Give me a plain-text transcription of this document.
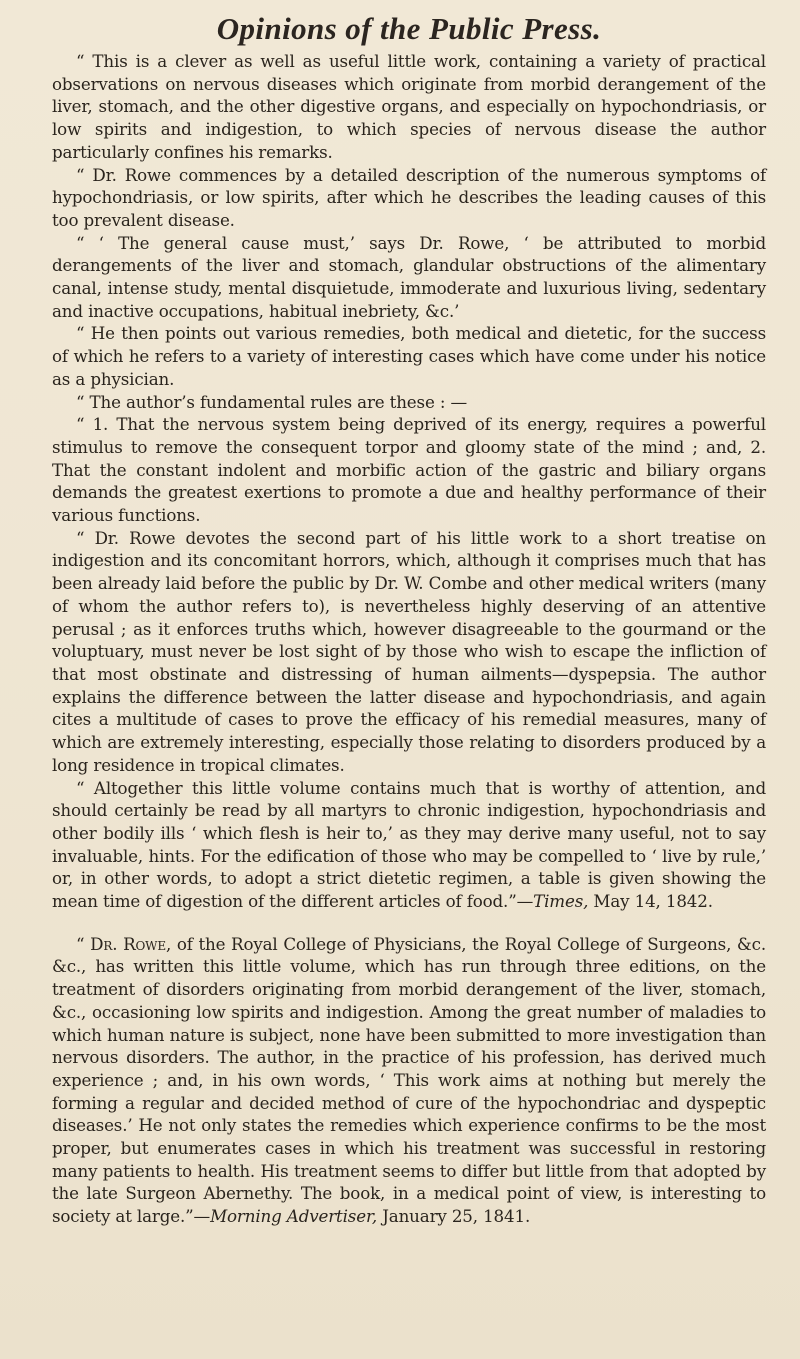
Opinions of the Public Press.

“ This is a clever as well as useful little work, containing a variety of practical observations on nervous diseases which originate from morbid derangement of the liver, stomach, and the other digestive organs, and especially on hypochondriasis, or low spirits and indigestion, to which species of nervous disease the author particularly confines his remarks.

“ Dr. Rowe commences by a detailed description of the numerous symptoms of hypochondriasis, or low spirits, after which he describes the leading causes of this too prevalent disease.

“ ‘ The general cause must,’ says Dr. Rowe, ‘ be attributed to morbid derangements of the liver and stomach, glandular obstructions of the alimentary canal, intense study, mental disquietude, immoderate and luxurious living, sedentary and inactive occupations, habitual inebriety, &c.’

“ He then points out various remedies, both medical and dietetic, for the success of which he refers to a variety of interesting cases which have come under his notice as a physician.

“ The author’s fundamental rules are these : —

“ 1. That the nervous system being deprived of its energy, requires a powerful stimulus to remove the consequent torpor and gloomy state of the mind ; and, 2. That the constant indolent and morbific action of the gastric and biliary organs demands the greatest exertions to promote a due and healthy performance of their various functions.

“ Dr. Rowe devotes the second part of his little work to a short treatise on indigestion and its concomitant horrors, which, although it comprises much that has been already laid before the public by Dr. W. Combe and other medical writers (many of whom the author refers to), is nevertheless highly deserving of an attentive perusal ; as it enforces truths which, however disagreeable to the gourmand or the voluptuary, must never be lost sight of by those who wish to escape the infliction of that most obstinate and distressing of human ailments—dyspepsia. The author explains the difference between the latter disease and hypochondriasis, and again cites a multitude of cases to prove the efficacy of his remedial measures, many of which are extremely interesting, especially those relating to disorders produced by a long residence in tropical climates.

“ Altogether this little volume contains much that is worthy of attention, and should certainly be read by all martyrs to chronic indigestion, hypochondriasis and other bodily ills ‘ which flesh is heir to,’ as they may derive many useful, not to say invaluable, hints. For the edification of those who may be compelled to ‘ live by rule,’ or, in other words, to adopt a strict dietetic regimen, a table is given showing the mean time of digestion of the different articles of food.”—Times, May 14, 1842.

“ Dr. Rowe, of the Royal College of Physicians, the Royal College of Surgeons, &c. &c., has written this little volume, which has run through three editions, on the treatment of disorders originating from morbid derangement of the liver, stomach, &c., occasioning low spirits and indigestion. Among the great number of maladies to which human nature is subject, none have been submitted to more investigation than nervous disorders. The author, in the practice of his profession, has derived much experience ; and, in his own words, ‘ This work aims at nothing but merely the forming a regular and decided method of cure of the hypochondriac and dyspeptic diseases.’ He not only states the remedies which experience confirms to be the most proper, but enumerates cases in which his treatment was successful in restoring many patients to health. His treatment seems to differ but little from that adopted by the late Surgeon Abernethy. The book, in a medical point of view, is interesting to society at large.”—Morning Advertiser, January 25, 1841.
